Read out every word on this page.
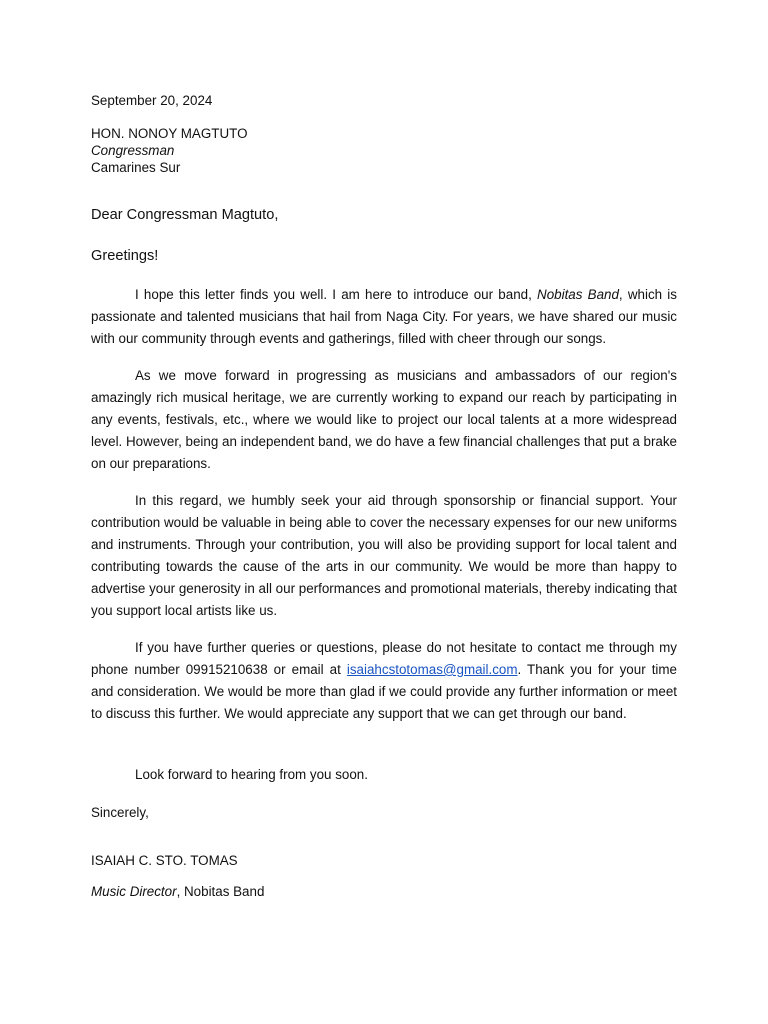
September 20, 2024
HON. NONOY MAGTUTO
Congressman
Camarines Sur
Dear Congressman Magtuto,
Greetings!

I hope this letter finds you well. I am here to introduce our band, Nobitas Band, which is passionate and talented musicians that hail from Naga City. For years, we have shared our music with our community through events and gatherings, filled with cheer through our songs.

As we move forward in progressing as musicians and ambassadors of our region's amazingly rich musical heritage, we are currently working to expand our reach by participating in any events, festivals, etc., where we would like to project our local talents at a more widespread level. However, being an independent band, we do have a few financial challenges that put a brake on our preparations.

In this regard, we humbly seek your aid through sponsorship or financial support. Your contribution would be valuable in being able to cover the necessary expenses for our new uniforms and instruments. Through your contribution, you will also be providing support for local talent and contributing towards the cause of the arts in our community. We would be more than happy to advertise your generosity in all our performances and promotional materials, thereby indicating that you support local artists like us.

If you have further queries or questions, please do not hesitate to contact me through my phone number 09915210638 or email at isaiahcstotomas@gmail.com. Thank you for your time and consideration. We would be more than glad if we could provide any further information or meet to discuss this further. We would appreciate any support that we can get through our band.

Look forward to hearing from you soon.

Sincerely,
ISAIAH C. STO. TOMAS
Music Director, Nobitas Band
